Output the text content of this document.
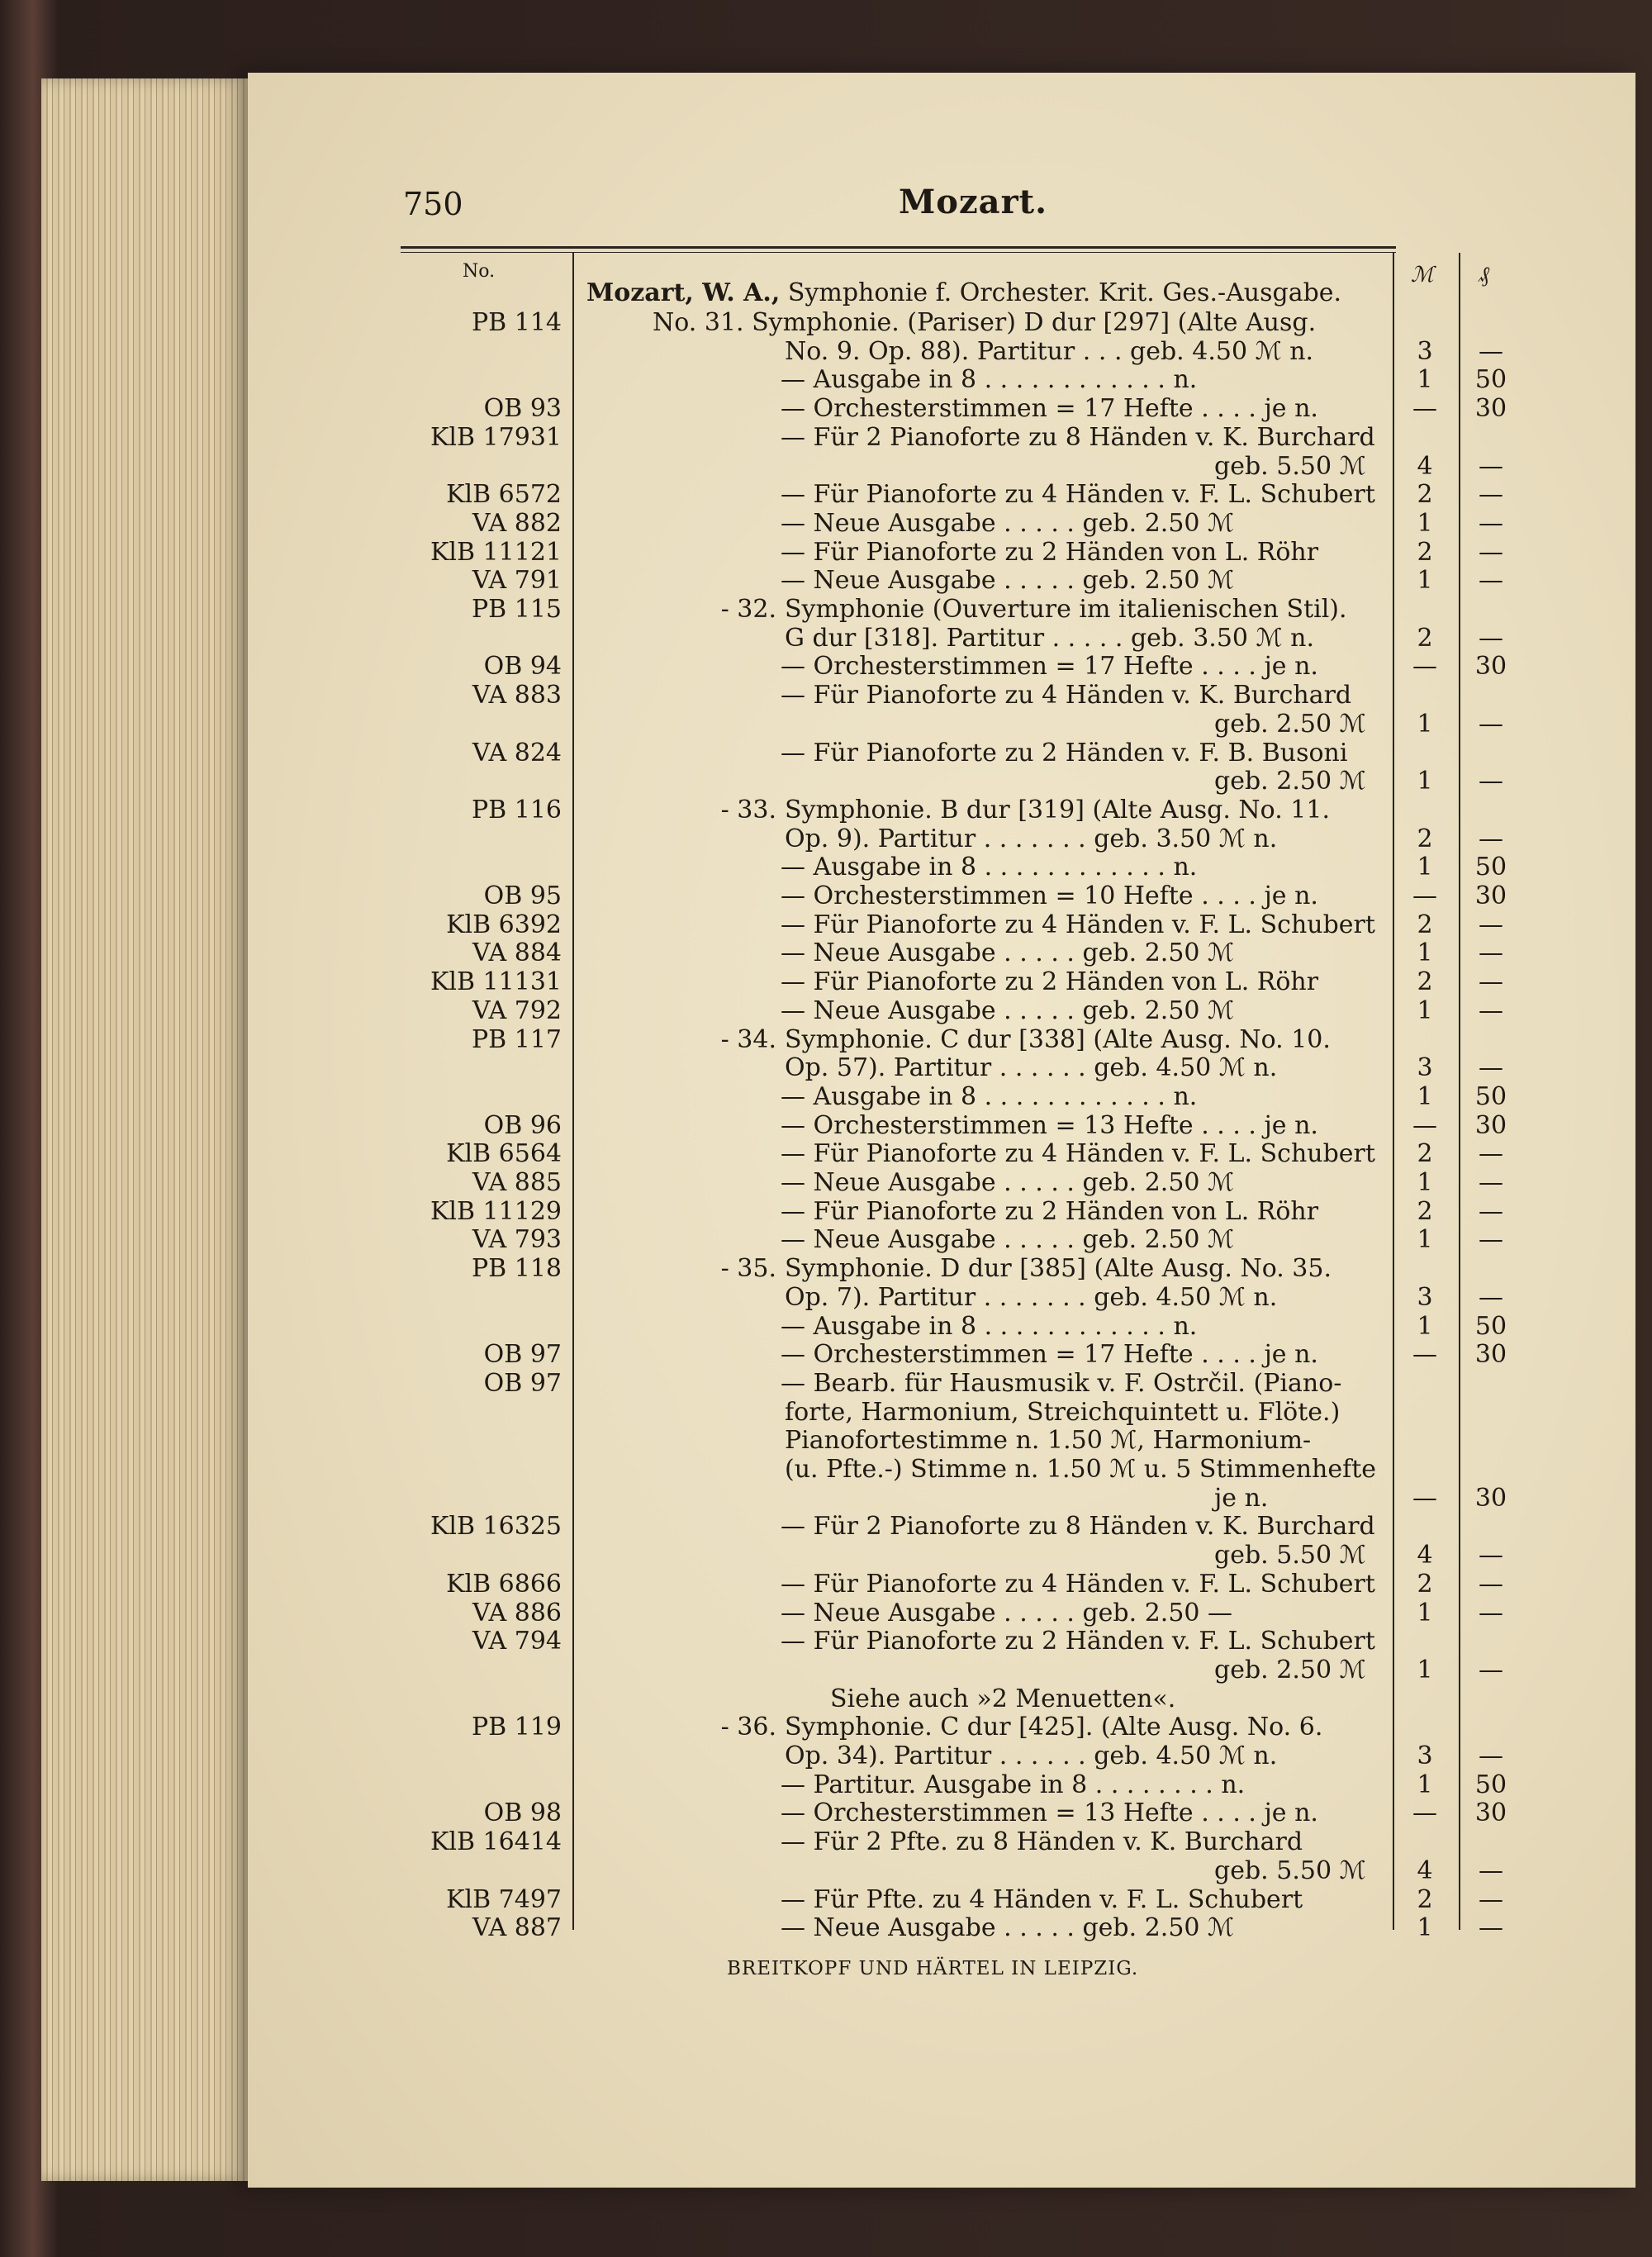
750	Mozart.
No.	ℳ ₰
Mozart, W. A., Symphonie f. Orchester. Krit. Ges.-Ausgabe.
PB 114	No. 31. Symphonie. (Pariser) D dur [297] (Alte Ausg.
No. 9. Op. 88). Partitur . . . geb. 4.50 ℳ n.	3	—
— Ausgabe in 8 . . . . . . . . . . . . n.	1	50
OB 93	— Orchesterstimmen = 17 Hefte . . . . je n.	—	30
KlB 17931	— Für 2 Pianoforte zu 8 Händen v. K. Burchard
geb. 5.50 ℳ	4	—
KlB 6572	— Für Pianoforte zu 4 Händen v. F. L. Schubert	2	—
VA 882	— Neue Ausgabe . . . . . geb. 2.50 ℳ	1	—
KlB 11121	— Für Pianoforte zu 2 Händen von L. Röhr	2	—
VA 791	— Neue Ausgabe . . . . . geb. 2.50 ℳ	1	—
PB 115	- 32. Symphonie (Ouverture im italienischen Stil).
G dur [318]. Partitur . . . . . geb. 3.50 ℳ n.	2	—
OB 94	— Orchesterstimmen = 17 Hefte . . . . je n.	—	30
VA 883	— Für Pianoforte zu 4 Händen v. K. Burchard
geb. 2.50 ℳ	1	—
VA 824	— Für Pianoforte zu 2 Händen v. F. B. Busoni
geb. 2.50 ℳ	1	—
PB 116	- 33. Symphonie. B dur [319] (Alte Ausg. No. 11.
Op. 9). Partitur . . . . . . . geb. 3.50 ℳ n.	2	—
— Ausgabe in 8 . . . . . . . . . . . . n.	1	50
OB 95	— Orchesterstimmen = 10 Hefte . . . . je n.	—	30
KlB 6392	— Für Pianoforte zu 4 Händen v. F. L. Schubert	2	—
VA 884	— Neue Ausgabe . . . . . geb. 2.50 ℳ	1	—
KlB 11131	— Für Pianoforte zu 2 Händen von L. Röhr	2	—
VA 792	— Neue Ausgabe . . . . . geb. 2.50 ℳ	1	—
PB 117	- 34. Symphonie. C dur [338] (Alte Ausg. No. 10.
Op. 57). Partitur . . . . . . geb. 4.50 ℳ n.	3	—
— Ausgabe in 8 . . . . . . . . . . . . n.	1	50
OB 96	— Orchesterstimmen = 13 Hefte . . . . je n.	—	30
KlB 6564	— Für Pianoforte zu 4 Händen v. F. L. Schubert	2	—
VA 885	— Neue Ausgabe . . . . . geb. 2.50 ℳ	1	—
KlB 11129	— Für Pianoforte zu 2 Händen von L. Röhr	2	—
VA 793	— Neue Ausgabe . . . . . geb. 2.50 ℳ	1	—
PB 118	- 35. Symphonie. D dur [385] (Alte Ausg. No. 35.
Op. 7). Partitur . . . . . . . geb. 4.50 ℳ n.	3	—
— Ausgabe in 8 . . . . . . . . . . . . n.	1	50
OB 97	— Orchesterstimmen = 17 Hefte . . . . je n.	—	30
OB 97	— Bearb. für Hausmusik v. F. Ostrčil. (Piano-
forte, Harmonium, Streichquintett u. Flöte.)
Pianofortestimme n. 1.50 ℳ, Harmonium-
(u. Pfte.-) Stimme n. 1.50 ℳ u. 5 Stimmenhefte
je n.	—	30
KlB 16325	— Für 2 Pianoforte zu 8 Händen v. K. Burchard
geb. 5.50 ℳ	4	—
KlB 6866	— Für Pianoforte zu 4 Händen v. F. L. Schubert	2	—
VA 886	— Neue Ausgabe . . . . . geb. 2.50 —	1	—
VA 794	— Für Pianoforte zu 2 Händen v. F. L. Schubert
geb. 2.50 ℳ	1	—
Siehe auch »2 Menuetten«.
PB 119	- 36. Symphonie. C dur [425]. (Alte Ausg. No. 6.
Op. 34). Partitur . . . . . . geb. 4.50 ℳ n.	3	—
— Partitur. Ausgabe in 8 . . . . . . . . n.	1	50
OB 98	— Orchesterstimmen = 13 Hefte . . . . je n.	—	30
KlB 16414	— Für 2 Pfte. zu 8 Händen v. K. Burchard
geb. 5.50 ℳ	4	—
KlB 7497	— Für Pfte. zu 4 Händen v. F. L. Schubert	2	—
VA 887	— Neue Ausgabe . . . . . geb. 2.50 ℳ	1	—
BREITKOPF UND HÄRTEL IN LEIPZIG.
